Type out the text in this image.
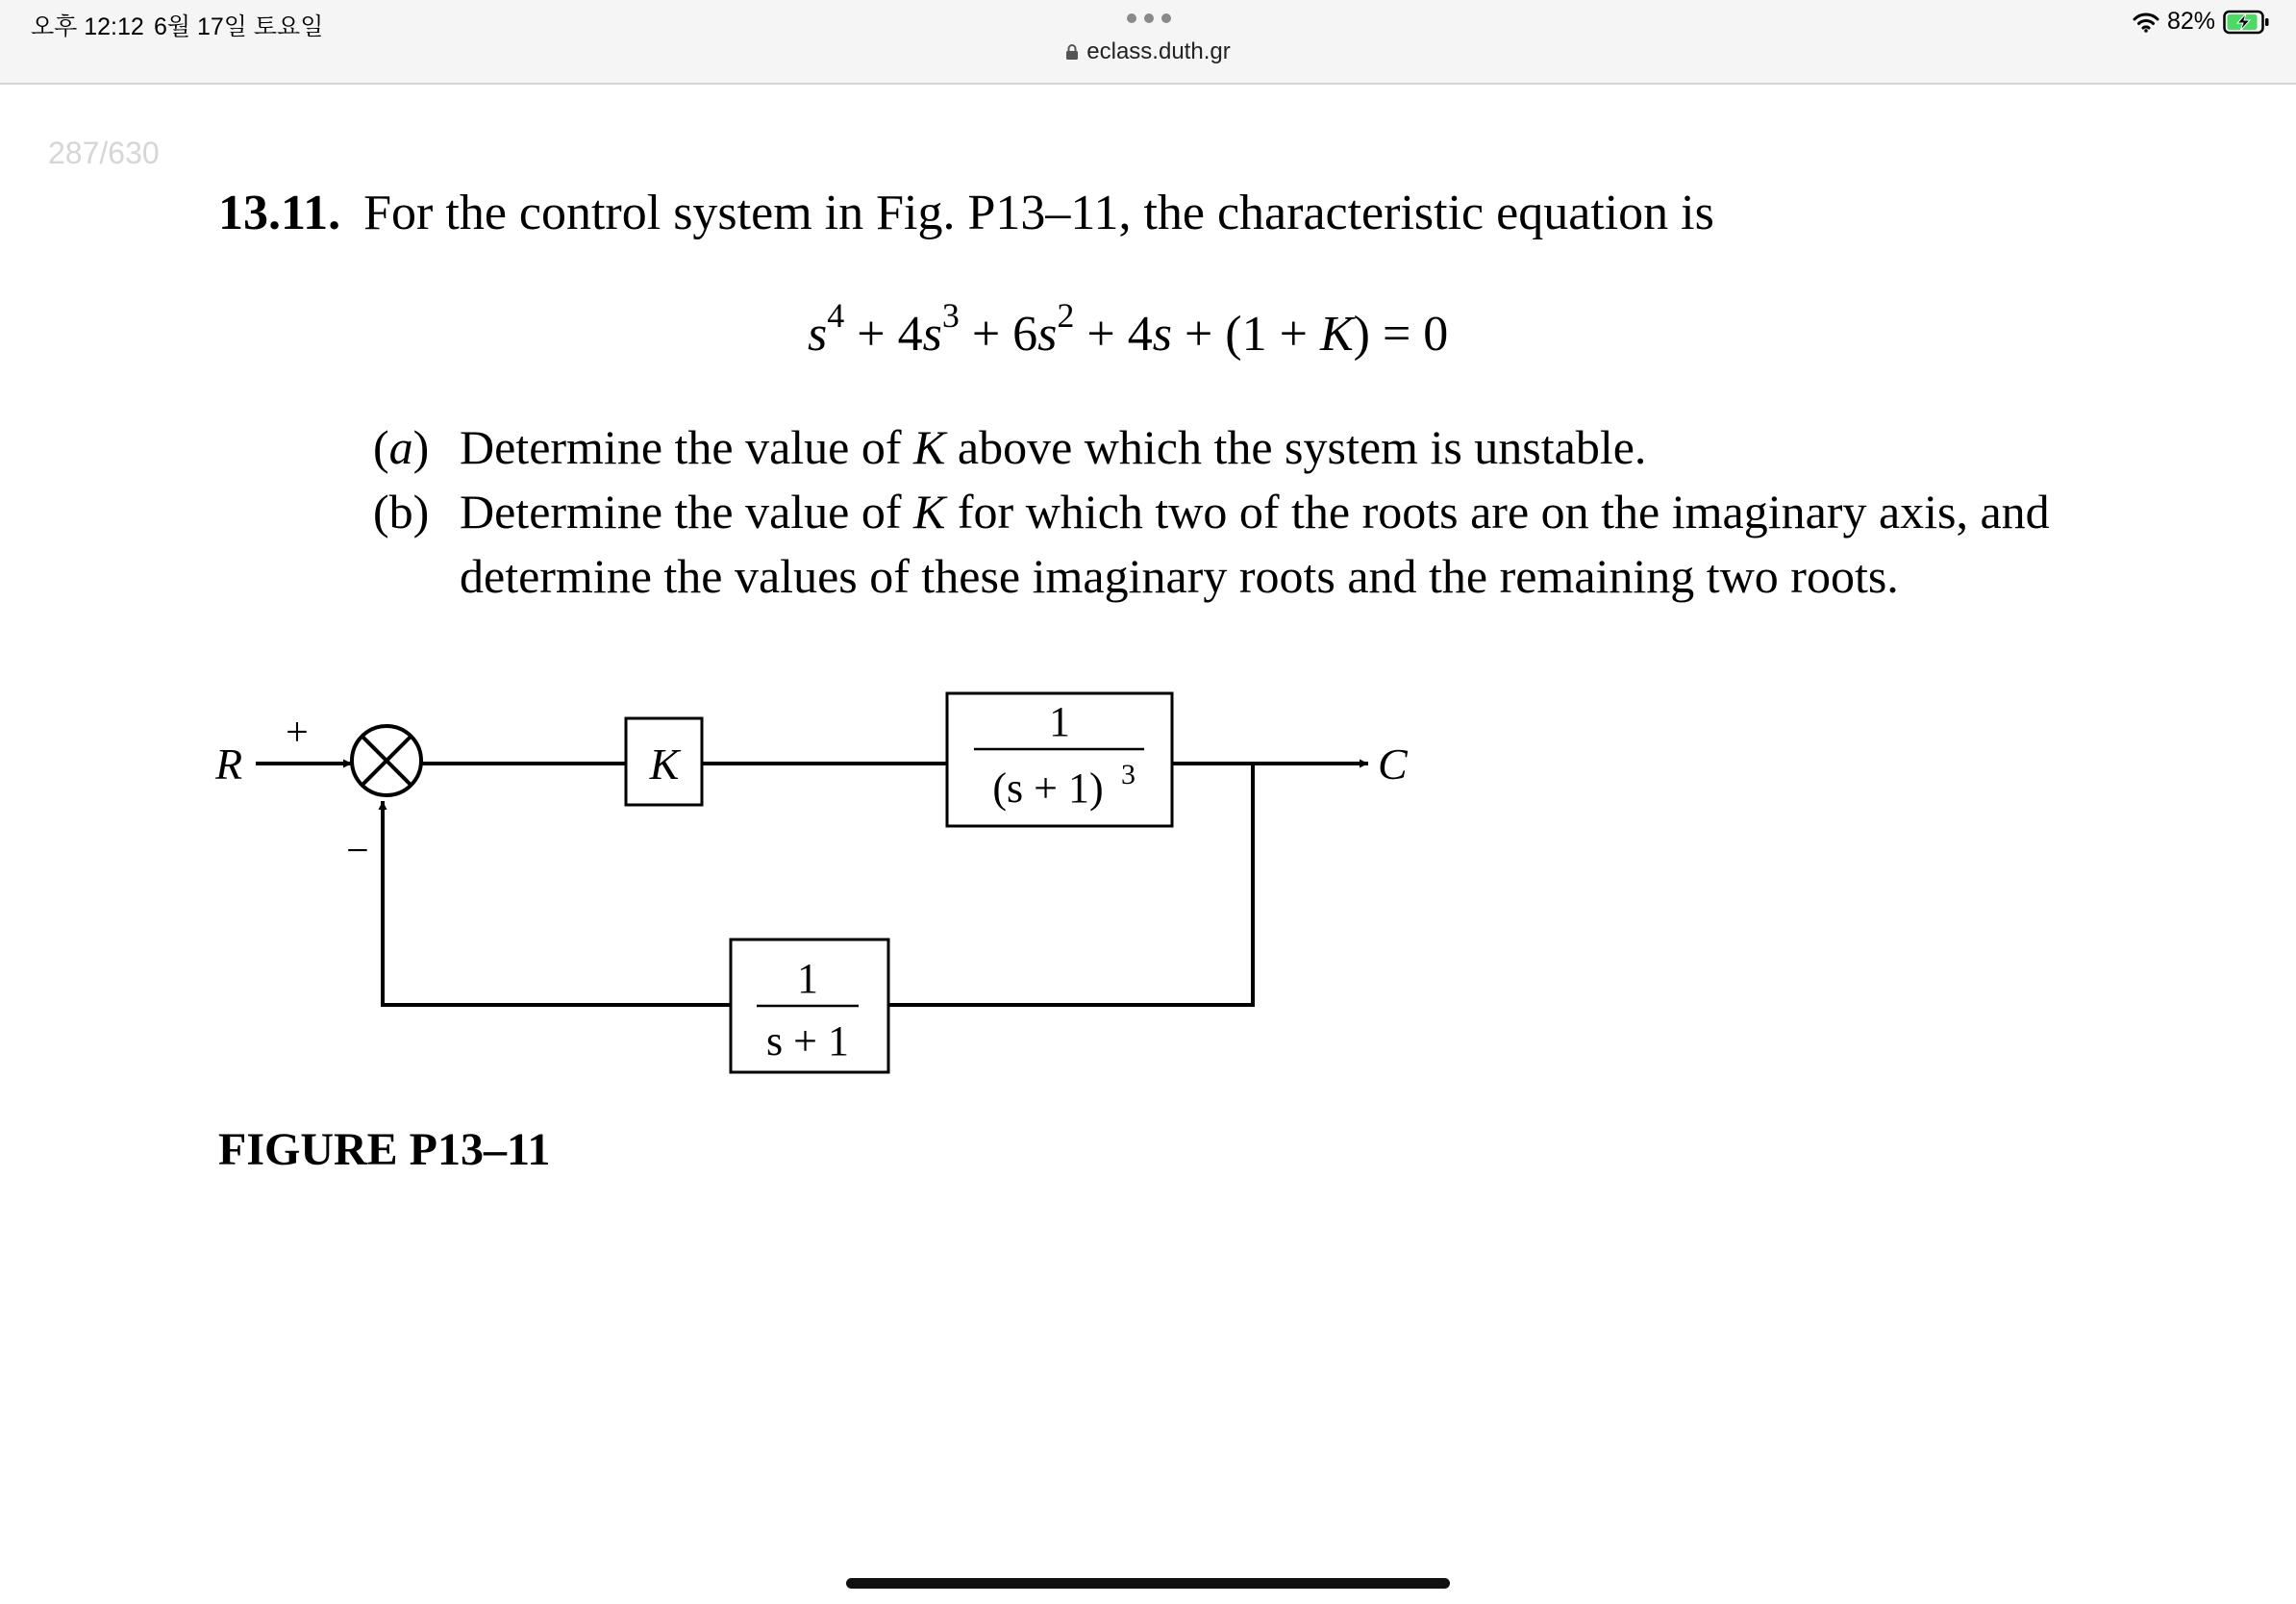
오후 12:12 6월 17일 토요일
eclass.duth.gr
82%
287/630
13.11. For the control system in Fig. P13–11, the characteristic equation is
$s^4 + 4s^3 + 6s^2 + 4s + (1 + K) = 0$
(a) Determine the value of K above which the system is unstable.
(b) Determine the value of K for which two of the roots are on the imaginary axis, and
determine the values of these imaginary roots and the remaining two roots.
R
+
−
K
1
(s + 1) 3	C
1
s + 1
FIGURE P13–11
